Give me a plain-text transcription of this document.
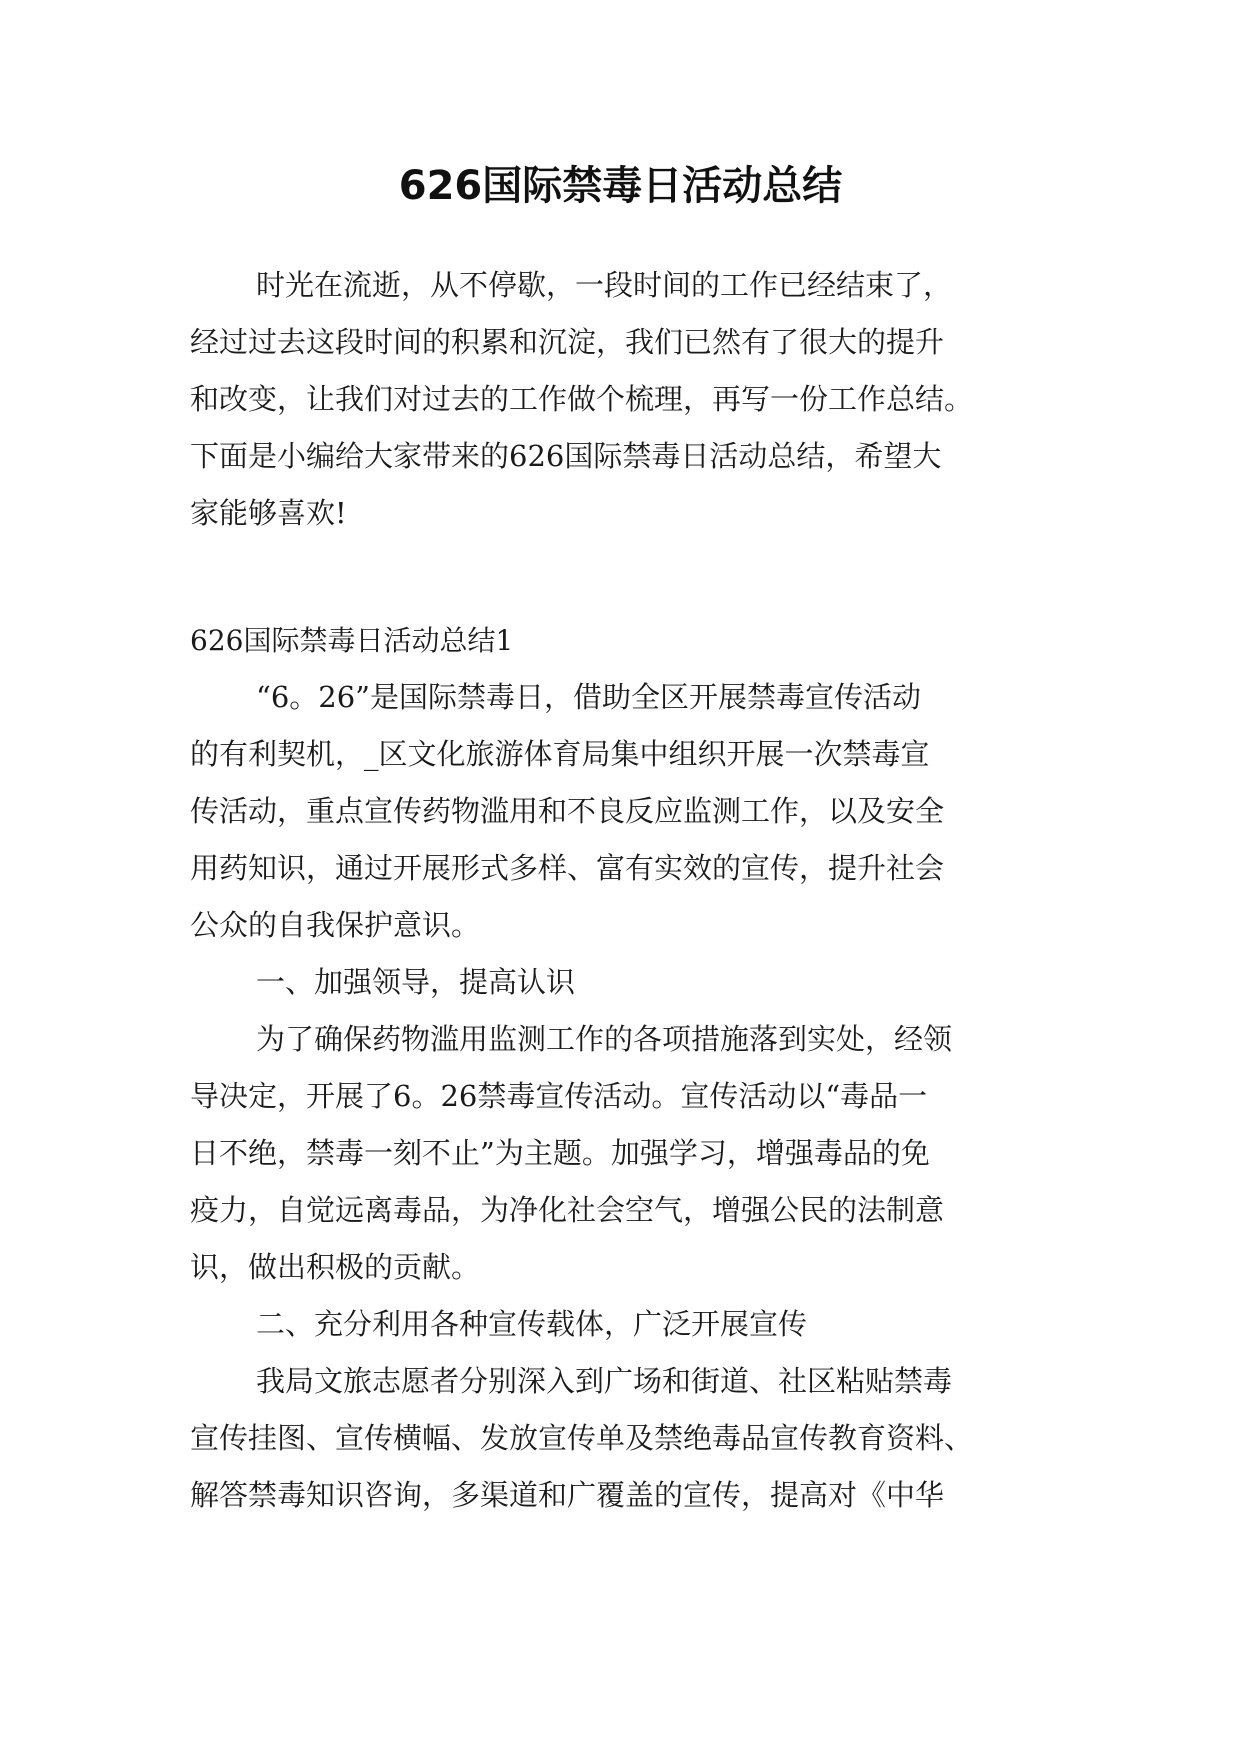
626国际禁毒日活动总结

时光在流逝，从不停歇，一段时间的工作已经结束了，

经过过去这段时间的积累和沉淀，我们已然有了很大的提升

和改变，让我们对过去的工作做个梳理，再写一份工作总结。

下面是小编给大家带来的626国际禁毒日活动总结，希望大

家能够喜欢!

626国际禁毒日活动总结1

“6。26”是国际禁毒日，借助全区开展禁毒宣传活动

的有利契机，_区文化旅游体育局集中组织开展一次禁毒宣

传活动，重点宣传药物滥用和不良反应监测工作，以及安全

用药知识，通过开展形式多样、富有实效的宣传，提升社会

公众的自我保护意识。

一、加强领导，提高认识

为了确保药物滥用监测工作的各项措施落到实处，经领

导决定，开展了6。26禁毒宣传活动。宣传活动以“毒品一

日不绝，禁毒一刻不止”为主题。加强学习，增强毒品的免

疫力，自觉远离毒品，为净化社会空气，增强公民的法制意

识，做出积极的贡献。

二、充分利用各种宣传载体，广泛开展宣传

我局文旅志愿者分别深入到广场和街道、社区粘贴禁毒

宣传挂图、宣传横幅、发放宣传单及禁绝毒品宣传教育资料、

解答禁毒知识咨询，多渠道和广覆盖的宣传，提高对《中华
